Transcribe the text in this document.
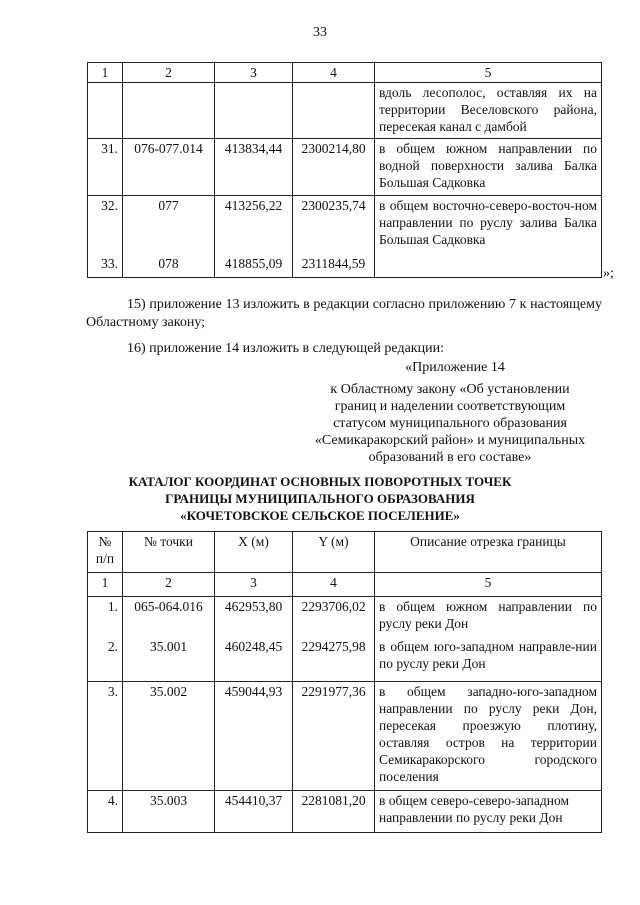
33
1	2	3	4	5
				вдоль лесополос, оставляя их на территории Веселовского района, пересекая канал с дамбой
31.	076-077.014	413834,44	2300214,80	в общем южном направлении по водной поверхности залива Балка Большая Садковка
32.	077	413256,22	2300235,74	в общем восточно-северо-восточ-ном направлении по руслу залива Балка Большая Садковка
33.	078	418855,09	2311844,59	
»;
15) приложение 13 изложить в редакции согласно приложению 7 к настоящему Областному закону;
16) приложение 14 изложить в следующей редакции:
«Приложение 14
к Областному закону «Об установлении
границ и наделении соответствующим
статусом муниципального образования
«Семикаракорский район» и муниципальных
образований в его составе»
КАТАЛОГ КООРДИНАТ ОСНОВНЫХ ПОВОРОТНЫХ ТОЧЕК
ГРАНИЦЫ МУНИЦИПАЛЬНОГО ОБРАЗОВАНИЯ
«КОЧЕТОВСКОЕ СЕЛЬСКОЕ ПОСЕЛЕНИЕ»
№ п/п	№ точки	X (м)	Y (м)	Описание отрезка границы
1	2	3	4	5
1.	065-064.016	462953,80	2293706,02	в общем южном направлении по руслу реки Дон
2.	35.001	460248,45	2294275,98	в общем юго-западном направле-нии по руслу реки Дон
3.	35.002	459044,93	2291977,36	в общем западно-юго-западном направлении по руслу реки Дон, пересекая проезжую плотину, оставляя остров на территории Семикаракорского городского поселения
4.	35.003	454410,37	2281081,20	в общем северо-северо-западном направлении по руслу реки Дон
